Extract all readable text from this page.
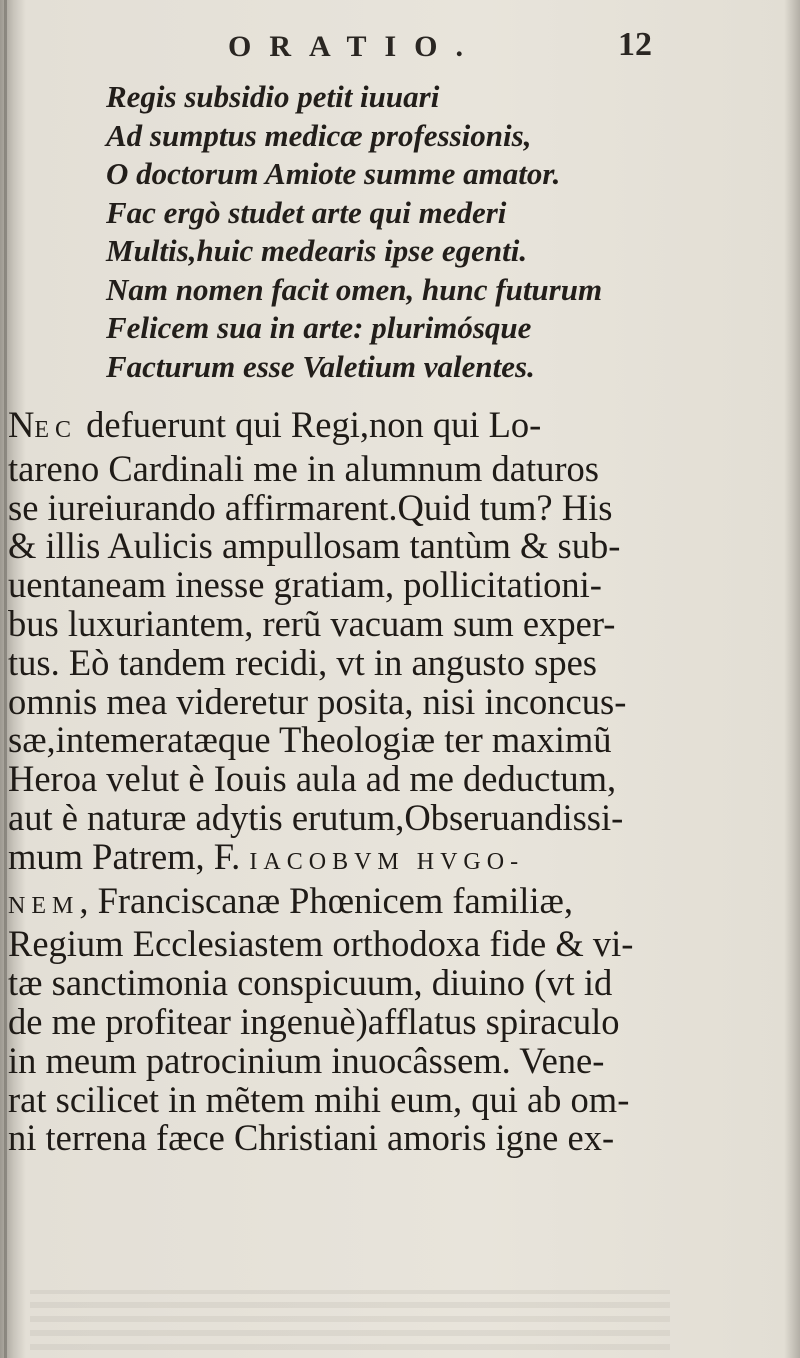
ORATIO.	12
Regis subsidio petit iuuari
Ad sumptus medicæ professionis,
O doctorum Amiote summe amator.
Fac ergò studet arte qui mederi
Multis,huic medearis ipse egenti.
Nam nomen facit omen, hunc futurum
Felicem sua in arte: plurimósque
Facturum esse Valetium valentes.
NEC defuerunt qui Regi,non qui Lo-
tareno Cardinali me in alumnum daturos
se iureiurando affirmarent.Quid tum? His
& illis Aulicis ampullosam tantùm & sub-
uentaneam inesse gratiam, pollicitationi-
bus luxuriantem, rerũ vacuam sum exper-
tus. Eò tandem recidi, vt in angusto spes
omnis mea videretur posita, nisi inconcus-
sæ,intemeratæque Theologiæ ter maximũ
Heroa velut è Iouis aula ad me deductum,
aut è naturæ adytis erutum,Obseruandissi-
mum Patrem, F. IACOBVM HVGO-
NEM, Franciscanæ Phœnicem familiæ,
Regium Ecclesiastem orthodoxa fide & vi-
tæ sanctimonia conspicuum, diuino (vt id
de me profitear ingenuè)afflatus spiraculo
in meum patrocinium inuocâssem. Vene-
rat scilicet in mẽtem mihi eum, qui ab om-
ni terrena fæce Christiani amoris igne ex-
